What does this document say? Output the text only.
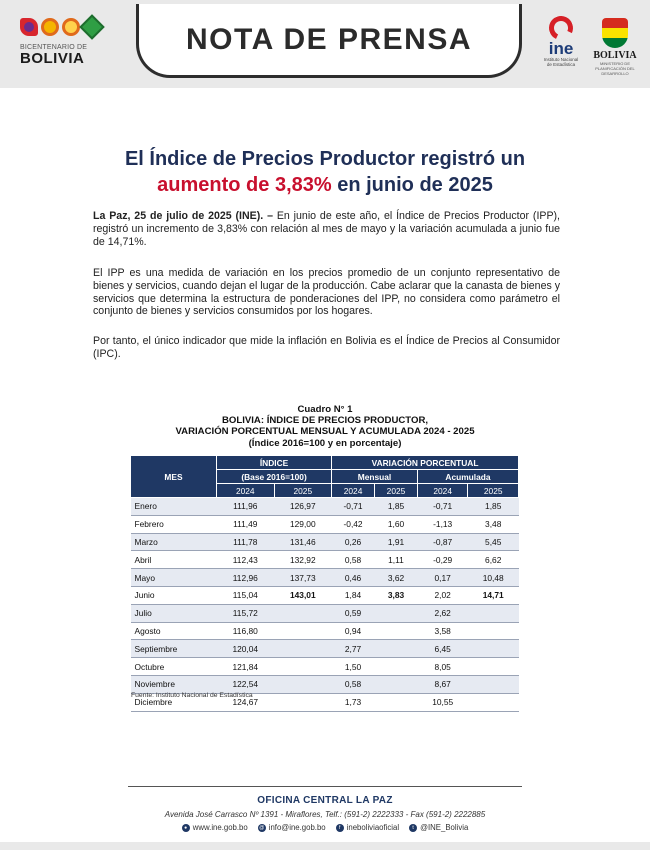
BICENTENARIO DE
BOLIVIA
NOTA DE PRENSA	ine
Instituto Nacional
de Estadística
BOLIVIA
MINISTERIO DE PLANIFICACIÓN DEL DESARROLLO
El Índice de Precios Productor registró un
aumento de 3,83% en junio de 2025

La Paz, 25 de julio de 2025 (INE). – En junio de este año, el Índice de Precios Productor (IPP), registró un incremento de 3,83% con relación al mes de mayo y la variación acumulada a junio fue de 14,71%.

El IPP es una medida de variación en los precios promedio de un conjunto representativo de bienes y servicios, cuando dejan el lugar de la producción. Cabe aclarar que la canasta de bienes y servicios que determina la estructura de ponderaciones del IPP, no considera como parámetro el conjunto de bienes y servicios consumidos por los hogares.

Por tanto, el único indicador que mide la inflación en Bolivia es el Índice de Precios al Consumidor (IPC).

Cuadro N° 1
BOLIVIA: ÍNDICE DE PRECIOS PRODUCTOR,
VARIACIÓN PORCENTUAL MENSUAL Y ACUMULADA 2024 - 2025
(Índice 2016=100 y en porcentaje)
MES	ÍNDICE		VARIACIÓN PORCENTUAL			
	(Base 2016=100)		Mensual		Acumulada	
	2024	2025	2024	2025	2024	2025
Enero	111,96	126,97	-0,71	1,85	-0,71	1,85
Febrero	111,49	129,00	-0,42	1,60	-1,13	3,48
Marzo	111,78	131,46	0,26	1,91	-0,87	5,45
Abril	112,43	132,92	0,58	1,11	-0,29	6,62
Mayo	112,96	137,73	0,46	3,62	0,17	10,48
Junio	115,04	143,01	1,84	3,83	2,02	14,71
Julio	115,72		0,59		2,62	
Agosto	116,80		0,94		3,58	
Septiembre	120,04		2,77		6,45	
Octubre	121,84		1,50		8,05	
Noviembre	122,54		0,58		8,67	
Diciembre	124,67		1,73		10,55	
Fuente: Instituto Nacional de Estadística
OFICINA CENTRAL LA PAZ
Avenida José Carrasco Nº 1391 - Miraflores, Telf.: (591-2) 2222333 - Fax (591-2) 2222885
● www.ine.gob.bo @ info@ine.gob.bo	f ineboliviaoficial	t @INE_Bolivia
